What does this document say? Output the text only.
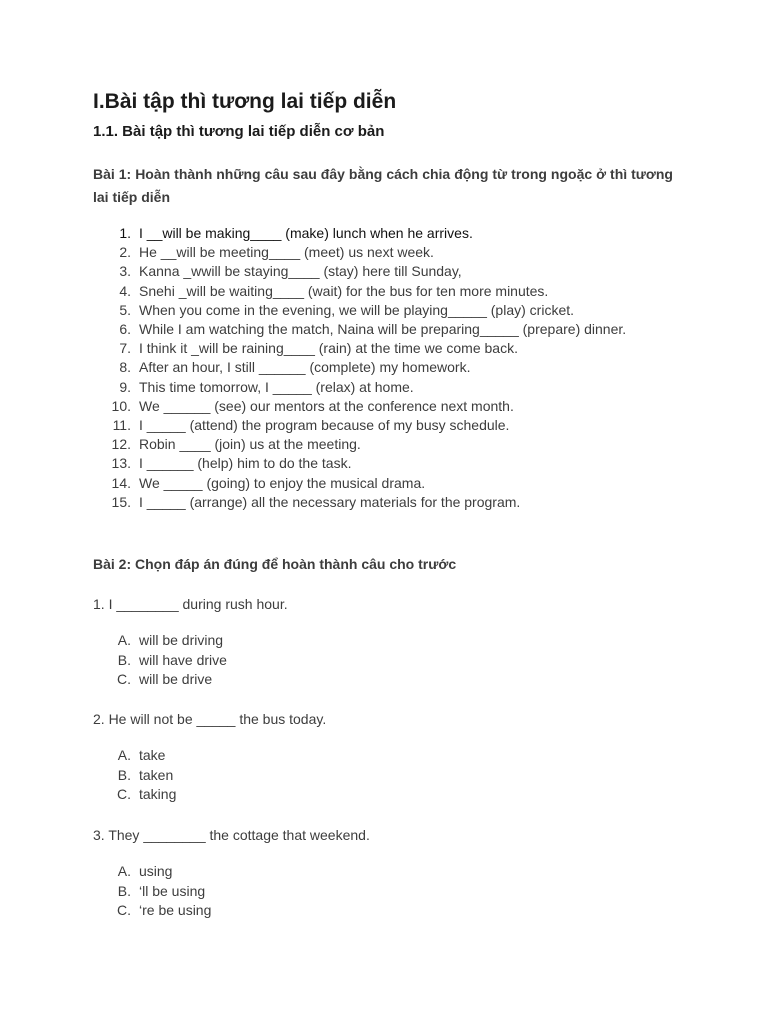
I.Bài tập thì tương lai tiếp diễn
1.1. Bài tập thì tương lai tiếp diễn cơ bản

Bài 1: Hoàn thành những câu sau đây bằng cách chia động từ trong ngoặc ở thì tương lai tiếp diễn

1. I __will be making____ (make) lunch when he arrives.
2. He __will be meeting____ (meet) us next week.
3. Kanna _wwill be staying____ (stay) here till Sunday,
4. Snehi _will be waiting____ (wait) for the bus for ten more minutes.
5. When you come in the evening, we will be playing_____ (play) cricket.
6. While I am watching the match, Naina will be preparing_____ (prepare) dinner.
7. I think it _will be raining____ (rain) at the time we come back.
8. After an hour, I still ______ (complete) my homework.
9. This time tomorrow, I _____ (relax) at home.
10. We ______ (see) our mentors at the conference next month.
11. I _____ (attend) the program because of my busy schedule.
12. Robin ____ (join) us at the meeting.
13. I ______ (help) him to do the task.
14. We _____ (going) to enjoy the musical drama.
15. I _____ (arrange) all the necessary materials for the program.

Bài 2: Chọn đáp án đúng để hoàn thành câu cho trước

1. I ________ during rush hour.

A. will be driving
B. will have drive
C. will be drive

2. He will not be _____ the bus today.

A. take
B. taken
C. taking

3. They ________ the cottage that weekend.

A. using
B. ‘ll be using
C. ‘re be using
